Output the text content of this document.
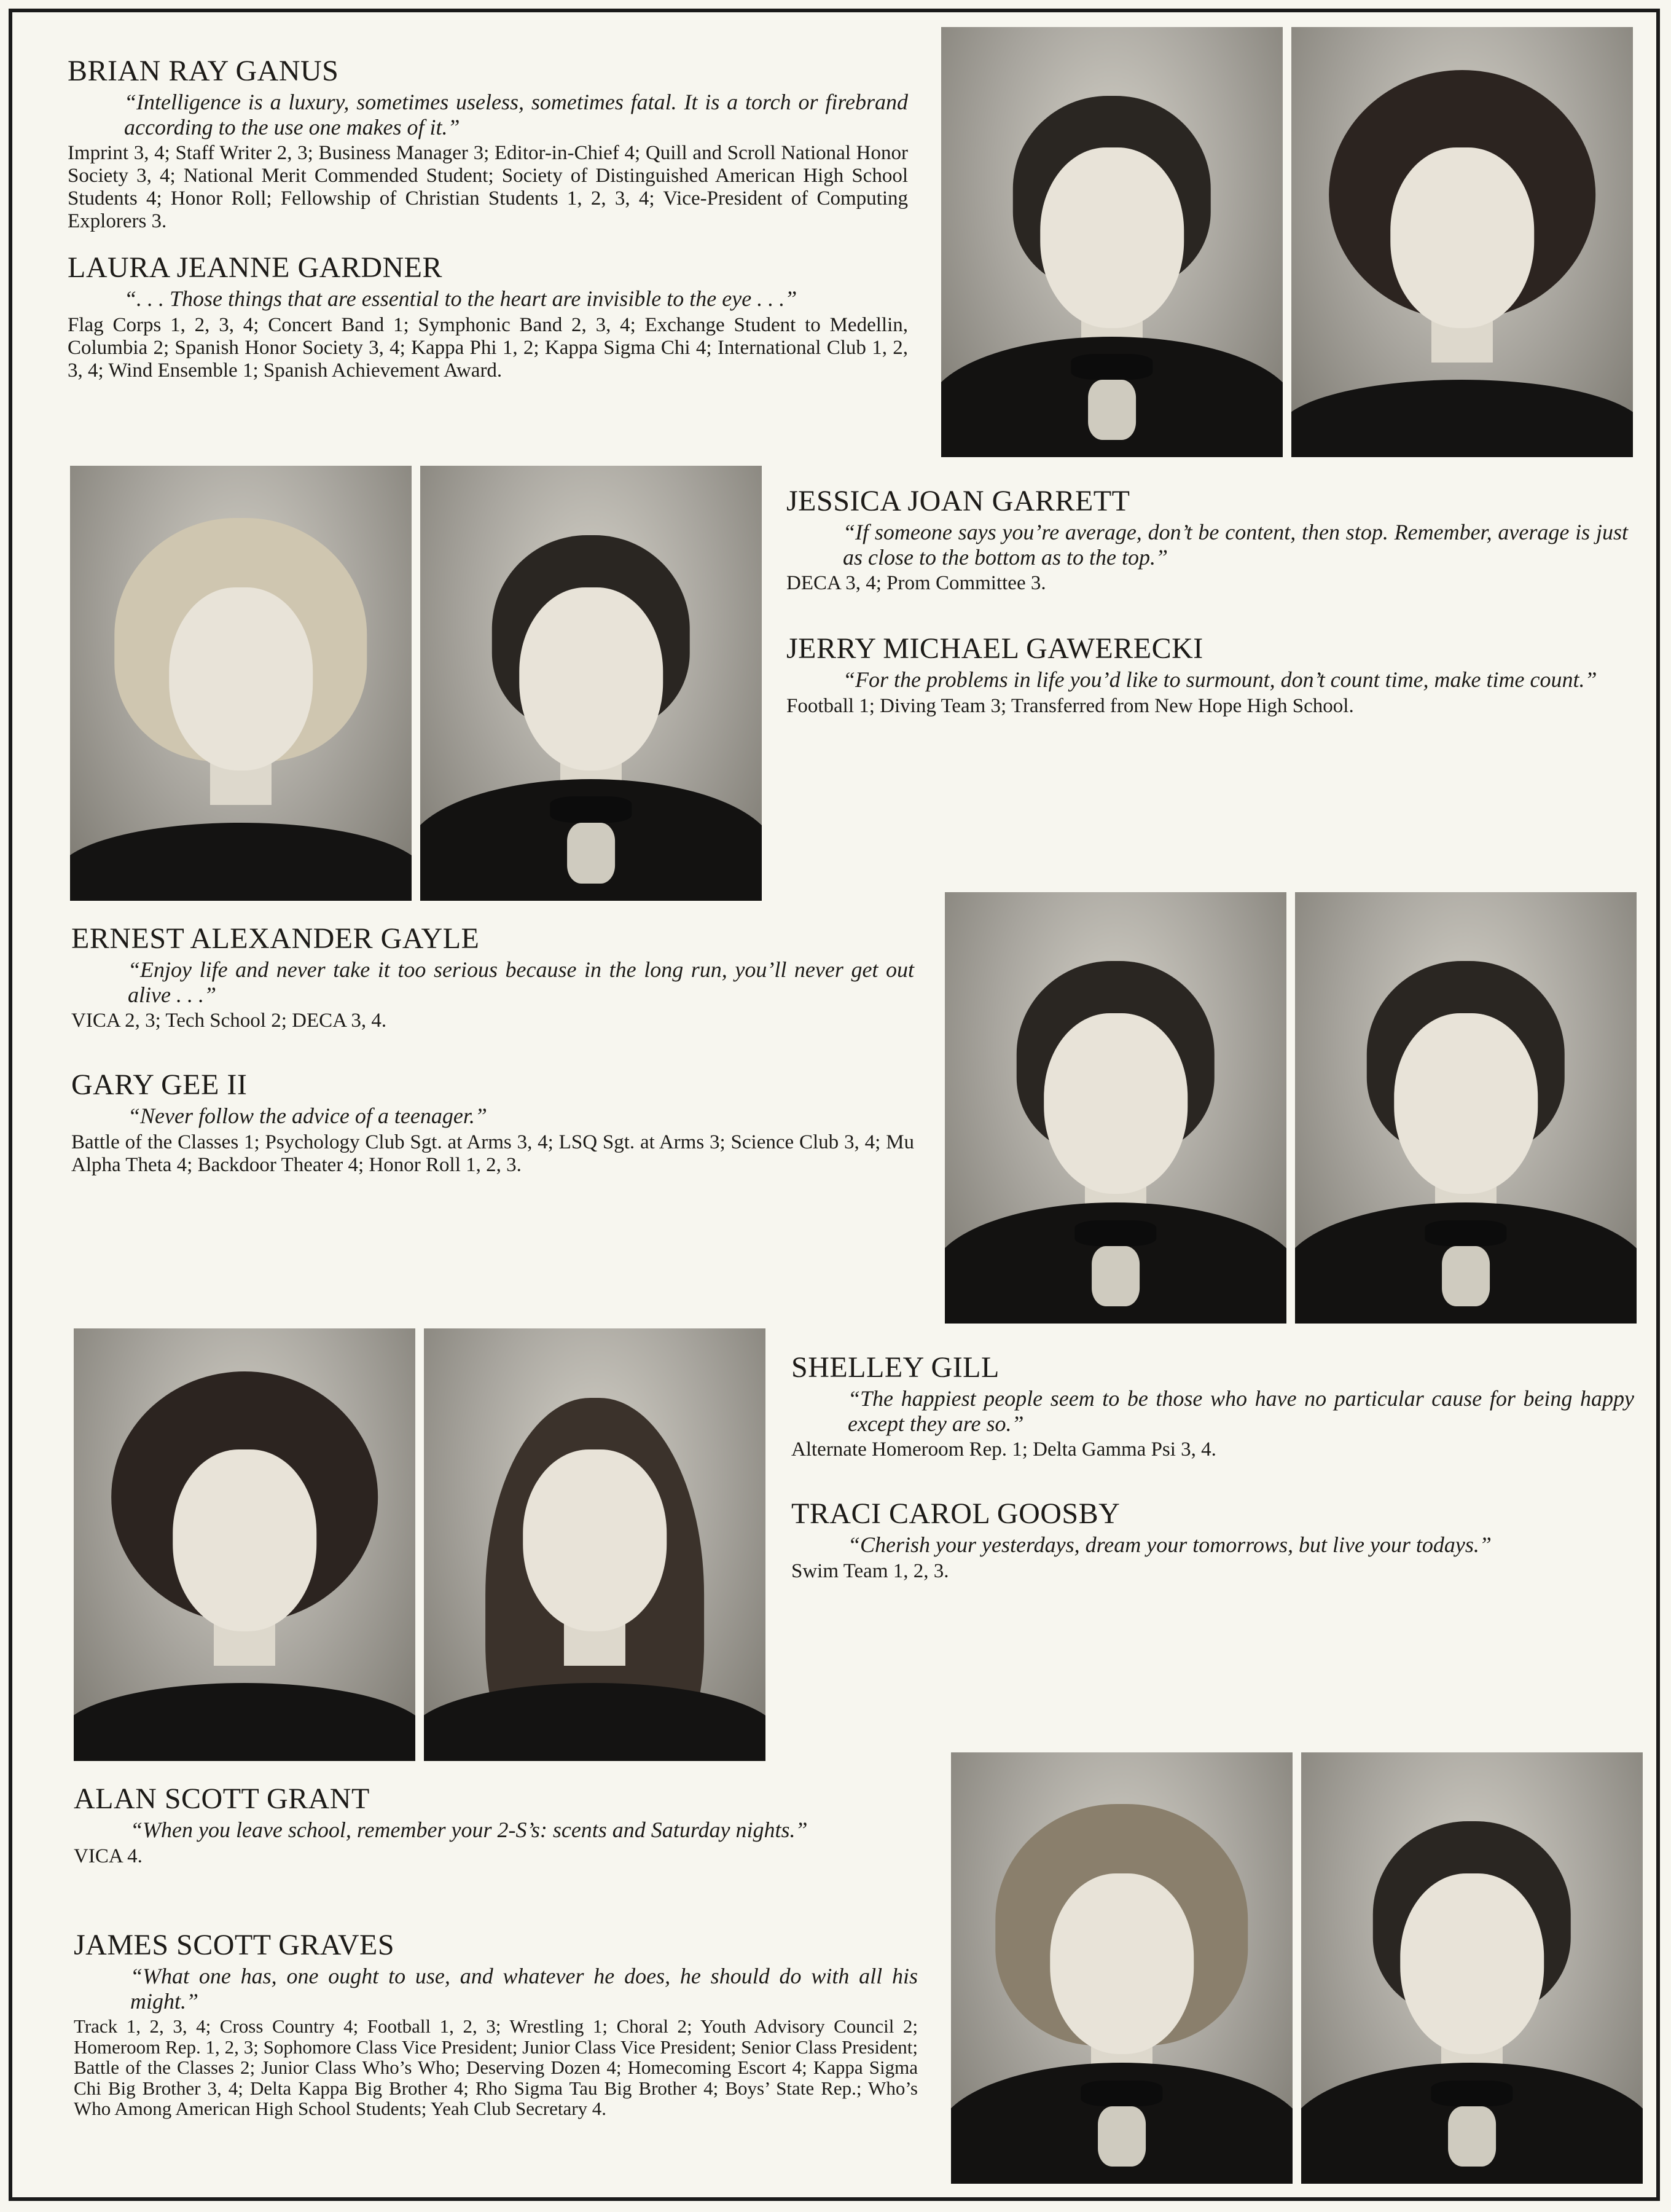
BRIAN RAY GANUS

“Intelligence is a luxury, sometimes useless, sometimes fatal. It is a torch or firebrand according to the use one makes of it.”

Imprint 3, 4; Staff Writer 2, 3; Business Manager 3; Editor-in-Chief 4; Quill and Scroll National Honor Society 3, 4; National Merit Commended Student; Society of Distinguished American High School Students 4; Honor Roll; Fellowship of Christian Students 1, 2, 3, 4; Vice-President of Computing Explorers 3.

LAURA JEANNE GARDNER

“. . . Those things that are essential to the heart are invisible to the eye . . .”

Flag Corps 1, 2, 3, 4; Concert Band 1; Symphonic Band 2, 3, 4; Exchange Student to Medellin, Columbia 2; Spanish Honor Society 3, 4; Kappa Phi 1, 2; Kappa Sigma Chi 4; International Club 1, 2, 3, 4; Wind Ensemble 1; Spanish Achievement Award.

JESSICA JOAN GARRETT

“If someone says you’re average, don’t be content, then stop. Remember, average is just as close to the bottom as to the top.”

DECA 3, 4; Prom Committee 3.

JERRY MICHAEL GAWERECKI

“For the problems in life you’d like to surmount, don’t count time, make time count.”

Football 1; Diving Team 3; Transferred from New Hope High School.

ERNEST ALEXANDER GAYLE

“Enjoy life and never take it too serious because in the long run, you’ll never get out alive . . .”

VICA 2, 3; Tech School 2; DECA 3, 4.

GARY GEE II

“Never follow the advice of a teenager.”

Battle of the Classes 1; Psychology Club Sgt. at Arms 3, 4; LSQ Sgt. at Arms 3; Science Club 3, 4; Mu Alpha Theta 4; Backdoor Theater 4; Honor Roll 1, 2, 3.

SHELLEY GILL

“The happiest people seem to be those who have no particular cause for being happy except they are so.”

Alternate Homeroom Rep. 1; Delta Gamma Psi 3, 4.

TRACI CAROL GOOSBY

“Cherish your yesterdays, dream your tomorrows, but live your todays.”

Swim Team 1, 2, 3.

ALAN SCOTT GRANT

“When you leave school, remember your 2-S’s: scents and Saturday nights.”

VICA 4.

JAMES SCOTT GRAVES

“What one has, one ought to use, and whatever he does, he should do with all his might.”

Track 1, 2, 3, 4; Cross Country 4; Football 1, 2, 3; Wrestling 1; Choral 2; Youth Advisory Council 2; Homeroom Rep. 1, 2, 3; Sophomore Class Vice President; Junior Class Vice President; Senior Class President; Battle of the Classes 2; Junior Class Who’s Who; Deserving Dozen 4; Homecoming Escort 4; Kappa Sigma Chi Big Brother 3, 4; Delta Kappa Big Brother 4; Rho Sigma Tau Big Brother 4; Boys’ State Rep.; Who’s Who Among American High School Students; Yeah Club Secretary 4.
